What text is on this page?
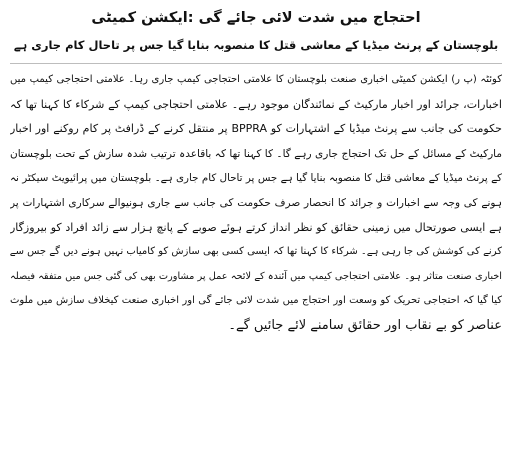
احتجاج میں شدت لائی جائے گی :ایکشن کمیٹی

بلوچستان کے پرنٹ میڈیا کے معاشی قتل کا منصوبہ بنایا گیا جس پر تاحال کام جاری ہے

کوئٹہ (پ ر) ایکشن کمیٹی اخباری صنعت بلوچستان کا علامتی احتجاجی کیمپ جاری رہا۔ علامتی احتجاجی کیمپ میں

اخبارات، جرائد اور اخبار مارکیٹ کے نمائندگان موجود رہے۔ علامتی احتجاجی کیمپ کے شرکاء کا کہنا تھا کہ

حکومت کی جانب سے پرنٹ میڈیا کے اشتہارات کو BPPRA پر منتقل کرنے کے ڈرافٹ پر کام روکنے اور اخبار

مارکیٹ کے مسائل کے حل تک احتجاج جاری رہے گا۔ کا کہنا تھا کہ باقاعدہ ترتیب شدہ سازش کے تحت بلوچستان

کے پرنٹ میڈیا کے معاشی قتل کا منصوبہ بنایا گیا ہے جس پر تاحال کام جاری ہے۔ بلوچستان میں پرائیویٹ سیکٹر نہ

ہونے کی وجہ سے اخبارات و جرائد کا انحصار صرف حکومت کی جانب سے جاری ہونیوالے سرکاری اشتہارات پر

ہے ایسی صورتحال میں زمینی حقائق کو نظر انداز کرتے ہوئے صوبے کے پانچ ہزار سے زائد افراد کو بیروزگار

کرنے کی کوشش کی جا رہی ہے۔ شرکاء کا کہنا تھا کہ ایسی کسی بھی سازش کو کامیاب نہیں ہونے دیں گے جس سے

اخباری صنعت متاثر ہو۔ علامتی احتجاجی کیمپ میں آئندہ کے لائحہ عمل پر مشاورت بھی کی گئی جس میں متفقہ فیصلہ

کیا گیا کہ احتجاجی تحریک کو وسعت اور احتجاج میں شدت لائی جائے گی اور اخباری صنعت کیخلاف سازش میں ملوث

عناصر کو بے نقاب اور حقائق سامنے لائے جائیں گے۔
